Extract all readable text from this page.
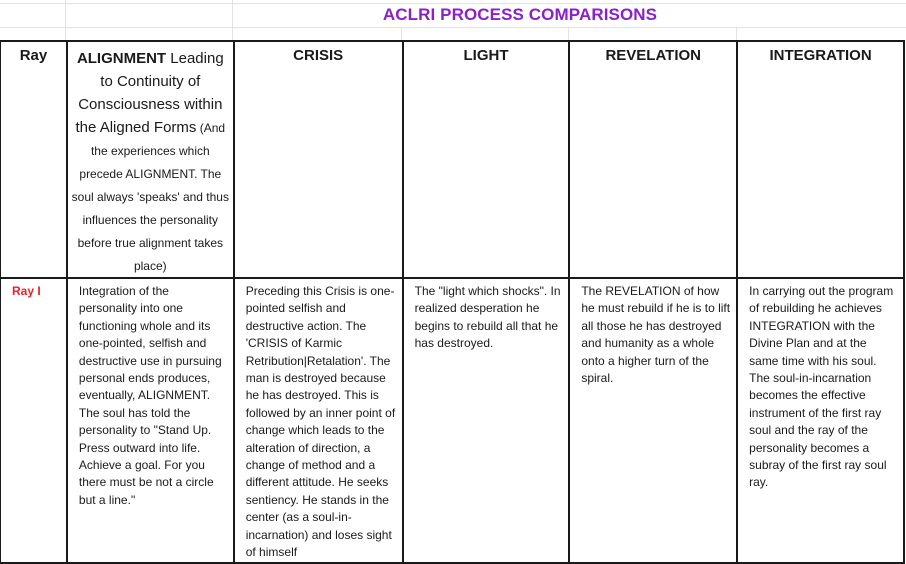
ACLRI PROCESS COMPARISONS
Ray	ALIGNMENT Leading to Continuity of Consciousness within the Aligned Forms (And the experiences which precede ALIGNMENT. The soul always 'speaks' and thus influences the personality before true alignment takes place)	CRISIS	LIGHT	REVELATION	INTEGRATION
Ray I	Integration of the personality into one functioning whole and its one-pointed, selfish and destructive use in pursuing personal ends produces, eventually, ALIGNMENT. The soul has told the personality to "Stand Up. Press outward into life. Achieve a goal. For you there must be not a circle but a line."	Preceding this Crisis is one-pointed selfish and destructive action. The 'CRISIS of Karmic Retribution|Retalation'. The man is destroyed because he has destroyed. This is followed by an inner point of change which leads to the alteration of direction, a change of method and a different attitude. He seeks sentiency. He stands in the center (as a soul-in-incarnation) and loses sight of himself	The "light which shocks". In realized desperation he begins to rebuild all that he has destroyed.	The REVELATION of how he must rebuild if he is to lift all those he has destroyed and humanity as a whole onto a higher turn of the spiral.	In carrying out the program of rebuilding he achieves INTEGRATION with the Divine Plan and at the same time with his soul. The soul-in-incarnation becomes the effective instrument of the first ray soul and the ray of the personality becomes a subray of the first ray soul ray.
